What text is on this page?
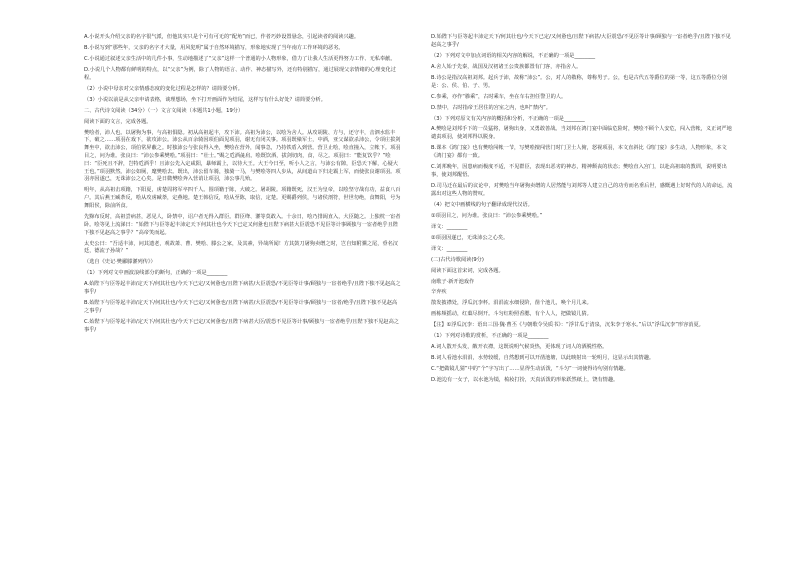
A.小说开头介绍父亲的名字很气派，但他其实只是个可有可无的“配角”而已，作者巧妙设置悬念，引起读者的阅读兴趣。

B.小说写到“那些年，父亲的名字才大量，用风犯明”属于自然环境描写，形象地实现了当年南方工作环境的恶劣。

C.小说通过叙述父亲生活中的几件小事，生动地描述了“父亲”这样一个普通的小人物形象，借力了让我人生活更得努力工作、无私奉献。

D.小说几个人物都有鲜明的特点，以“父亲”为例，除了人物的语言、动作、神态描写外，还有特别描写，通过展现父亲情绪的心理变化过程。

（2）小说中母亲对父亲情感态度的变化过程是怎样的？请简要分析。

（3）小说以前是从父亲申请表格，谈理想场，坐下打开画面作为结尾，这样写有什么好处？请简要分析。

二、古代诗文阅读（34分）（一）文言文阅读（本题共1小题，19分）

阅读下面的文言，完成各题。

樊哙者，沛人也。以屠狗为事，与高祖俱隐。初从高祖起丰，攻下沛。高祖为沛公，以哙为舍人。从攻胡陵、方与，还守丰，击泗水监丰下，破之……项羽在戏下，欲攻沛公。沛公从百余骑因项伯面见项羽，谢无有闭关事。项羽既飨军士，中酒，亚父谋欲杀沛公，令项庄拔剑舞坐中，欲击沛公，项伯常屏蔽之。时独沛公与张良得入坐，樊哙在营外，闻事急，乃持铁盾入到营。营卫止哙，哙直撞入，立帐下。项羽目之，问为谁。张良曰：“沛公参乘樊哙。”项羽曰：“壮士。”赐之卮酒彘肩。哙既饮酒，拔剑切肉，食，尽之。项羽曰：“能复饮乎？”哙曰：“臣死且不辞，岂特卮酒乎！且沛公先入定咸阳，暴师霸上，以待大王。大王今日至，听小人之言，与沛公有隙，臣恐天下解，心疑大王也。”项羽默然。沛公如厕，麾樊哙去。既出，沛公留车骑，独骑一马，与樊哙等四人步从，从间道山下归走霸上军，而使张良谢项羽。项羽亦因遂已，无诛沛公之心矣。是日微樊哙奔入营诮让项羽，沛公事几殆。

明年，从高祖击项籍，下阳夏，虏楚周将军卒四千人。围项籍于陈，大破之。屠胡陵。项籍既死，汉王为皇帝，以哙坚守战有功，益食八百户。其后燕王臧荼反，哙从攻虏臧荼，定燕地。楚王韩信反，哙从至陈，取信，定楚。更赐爵列侯，与诸侯剖符，世世勿绝，食舞阳，号为舞阳侯，除前所食。

先黥布反时，高祖尝病甚，恶见人，卧禁中，诏户者无得入群臣。群臣绛、灌等莫敢入。十余日，哙乃排闼直入，大臣随之。上独枕一宦者卧。哙等见上流涕曰：“始陛下与臣等起丰沛定天下何其壮也今天下已定又何惫也且陛下病甚大臣震恐不见臣等计事顾独与一宦者绝乎且陛下独不见赵高之事乎？”高帝笑而起。

太史公曰：“吾适丰沛，问其遗老，观故萧、曹、樊哙、滕公之家，及其素，异哉所闻！方其鼓刀屠狗卖缯之时，岂自知附骥之尾，垂名汉廷，德流子孙哉？”

（选自《史记·樊郦滕灌列传》）

（1）下列对文中画波浪线部分的断句，正确的一项是________

A.始陛下与臣等起丰沛/定天下/何其壮也/今天下已定/又何惫也/且陛下病甚/大臣震恐/不见臣等计事/顾独与一宦者绝乎/且陛下独不见赵高之事乎/

B.始陛下与臣等起丰沛/定天下/何其壮也/今天下已定/又何惫也/且陛下病甚/大臣震恐/不见臣等计事/顾独与一宦者/绝乎/且陛下独不见赵高之事乎/

C.始陛下与臣等起丰沛/定天下/何其壮也/今天下已定/又何惫也/且陛下病甚大臣/震恐不见臣等计事/顾独与一宦者绝乎/且陛下独不见赵高之事乎/

D.始陛下与臣等起丰沛定天下/何其壮也/今天下已定/又何惫也/且陛下病甚/大臣震恐/不见臣等计事/顾独与一宦者绝乎/且陛下独不见赵高之事乎/

（2）下列对文中加点词语的相关内容的解说，不正确的一项是________

A.舍人始于先秦，战国及汉初诸王公贵族都置有门客，亦指舍人。

B.诗公是指汉高祖刘邦。起兵于沛，故称“沛公”。公，对人的敬称，尊称男子。公，也是古代五等爵位的第一等，这五等爵位分别是：公、侯、伯、子、男。

C.参乘，亦作“骖乘”，古时乘车，坐在车右担任警卫的人。

D.禁中，古时指帝王居住的宫室之内，也叫“禁内”。

（3）下列对原文有关内容的概括和分析，不正确的一项是________

A.樊哙是刘邦手下的一员猛将，屠狗出身，又勇敢善战。当刘邦在鸿门宴中面临危险时，樊哙不顾个人安危，闯入营帐，义正词严地谴责项羽，使刘邦得以脱身。

B.课本《鸿门宴》也有樊哙闯帐一节，写樊哙擅闯营门时门卫士人俯，怒视项羽，本文直斜比《鸿门宴》多生动，人物形象，本文《鸿门宴》都有一致。

C.刘邦晚年，因患病而极度不适，不见群臣，表现出恶劣的神态，精神颓丧的状态；樊哙直入宫门，以赴高祖取的教训，说明要出事，使刘邦醒悟。

D.司马迁在最后的议论中，对樊哙当年屠狗卖缯的人居然能与刘邦等人建立自己的功劳而名垂后世，感慨遇上好时代的人的命运，流露出对这些人物的赞叹。

（4）把文中画横线的句子翻译成现代汉语。

①项羽目之，问为谁。张良曰：“沛公参乘樊哙。”

译文：________

②项羽因遂已，无诛沛公之心矣。

译文：________

(二)古代诗歌阅读(9分)

阅读下面这首宋词，完成各题。

南歌子·新开池戏作

辛弃疾

散发披襟处，浮瓜沉李杯。涓涓流水细侵阶，凿个池儿，唤个月儿来。

画栋频摇动，红蕖尽倒开。斗匀红粉照香腮，有个人人，把做镜儿猜。

【注】①浮瓜沉李：语出三国·魏·曹丕《与朝歌令吴质书》：“浮甘瓜于清泉，沉朱李于寒水。”后以“浮瓜沉李”形容消夏。

（1）下列对诗歌的赏析，不正确的一项是________

A.词人散开头发，敞开衣襟，这既说明气候炎热，更体现了词人的洒脱性格。

B.词人看池水涓涓，水势较缓，自然想到可以开凿池塘，以此映射出一轮明月，这显示出其情趣。

C.“把做镜儿猜”中的“个”字写出了……显得生动活泼，“斗匀”一词使得诗句别有情趣。

D.池边有一女子，以水池为镜，梳妆打扮，天真活泼的形象跃然纸上，饶有情趣。
